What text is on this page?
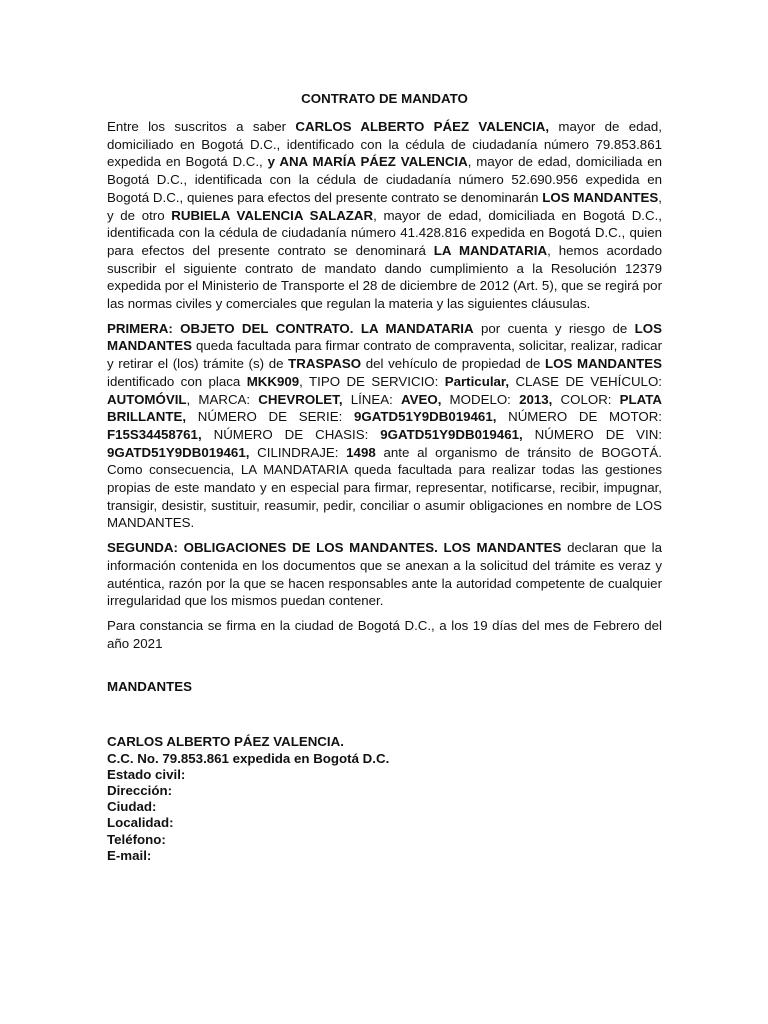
CONTRATO DE MANDATO
Entre los suscritos a saber CARLOS ALBERTO PÁEZ VALENCIA, mayor de edad, domiciliado en Bogotá D.C., identificado con la cédula de ciudadanía número 79.853.861 expedida en Bogotá D.C., y ANA MARÍA PÁEZ VALENCIA, mayor de edad, domiciliada en Bogotá D.C., identificada con la cédula de ciudadanía número 52.690.956 expedida en Bogotá D.C., quienes para efectos del presente contrato se denominarán LOS MANDANTES, y de otro RUBIELA VALENCIA SALAZAR, mayor de edad, domiciliada en Bogotá D.C., identificada con la cédula de ciudadanía número 41.428.816 expedida en Bogotá D.C., quien para efectos del presente contrato se denominará LA MANDATARIA, hemos acordado suscribir el siguiente contrato de mandato dando cumplimiento a la Resolución 12379 expedida por el Ministerio de Transporte el 28 de diciembre de 2012 (Art. 5), que se regirá por las normas civiles y comerciales que regulan la materia y las siguientes cláusulas.
PRIMERA: OBJETO DEL CONTRATO. LA MANDATARIA por cuenta y riesgo de LOS MANDANTES queda facultada para firmar contrato de compraventa, solicitar, realizar, radicar y retirar el (los) trámite (s) de TRASPASO del vehículo de propiedad de LOS MANDANTES identificado con placa MKK909, TIPO DE SERVICIO: Particular, CLASE DE VEHÍCULO: AUTOMÓVIL, MARCA: CHEVROLET, LÍNEA: AVEO, MODELO: 2013, COLOR: PLATA BRILLANTE, NÚMERO DE SERIE: 9GATD51Y9DB019461, NÚMERO DE MOTOR: F15S34458761, NÚMERO DE CHASIS: 9GATD51Y9DB019461, NÚMERO DE VIN: 9GATD51Y9DB019461, CILINDRAJE: 1498 ante al organismo de tránsito de BOGOTÁ. Como consecuencia, LA MANDATARIA queda facultada para realizar todas las gestiones propias de este mandato y en especial para firmar, representar, notificarse, recibir, impugnar, transigir, desistir, sustituir, reasumir, pedir, conciliar o asumir obligaciones en nombre de LOS MANDANTES.
SEGUNDA: OBLIGACIONES DE LOS MANDANTES. LOS MANDANTES declaran que la información contenida en los documentos que se anexan a la solicitud del trámite es veraz y auténtica, razón por la que se hacen responsables ante la autoridad competente de cualquier irregularidad que los mismos puedan contener.
Para constancia se firma en la ciudad de Bogotá D.C., a los 19 días del mes de Febrero del año 2021
MANDANTES
CARLOS ALBERTO PÁEZ VALENCIA.
C.C. No. 79.853.861 expedida en Bogotá D.C.
Estado civil:
Dirección:
Ciudad:
Localidad:
Teléfono:
E-mail:
